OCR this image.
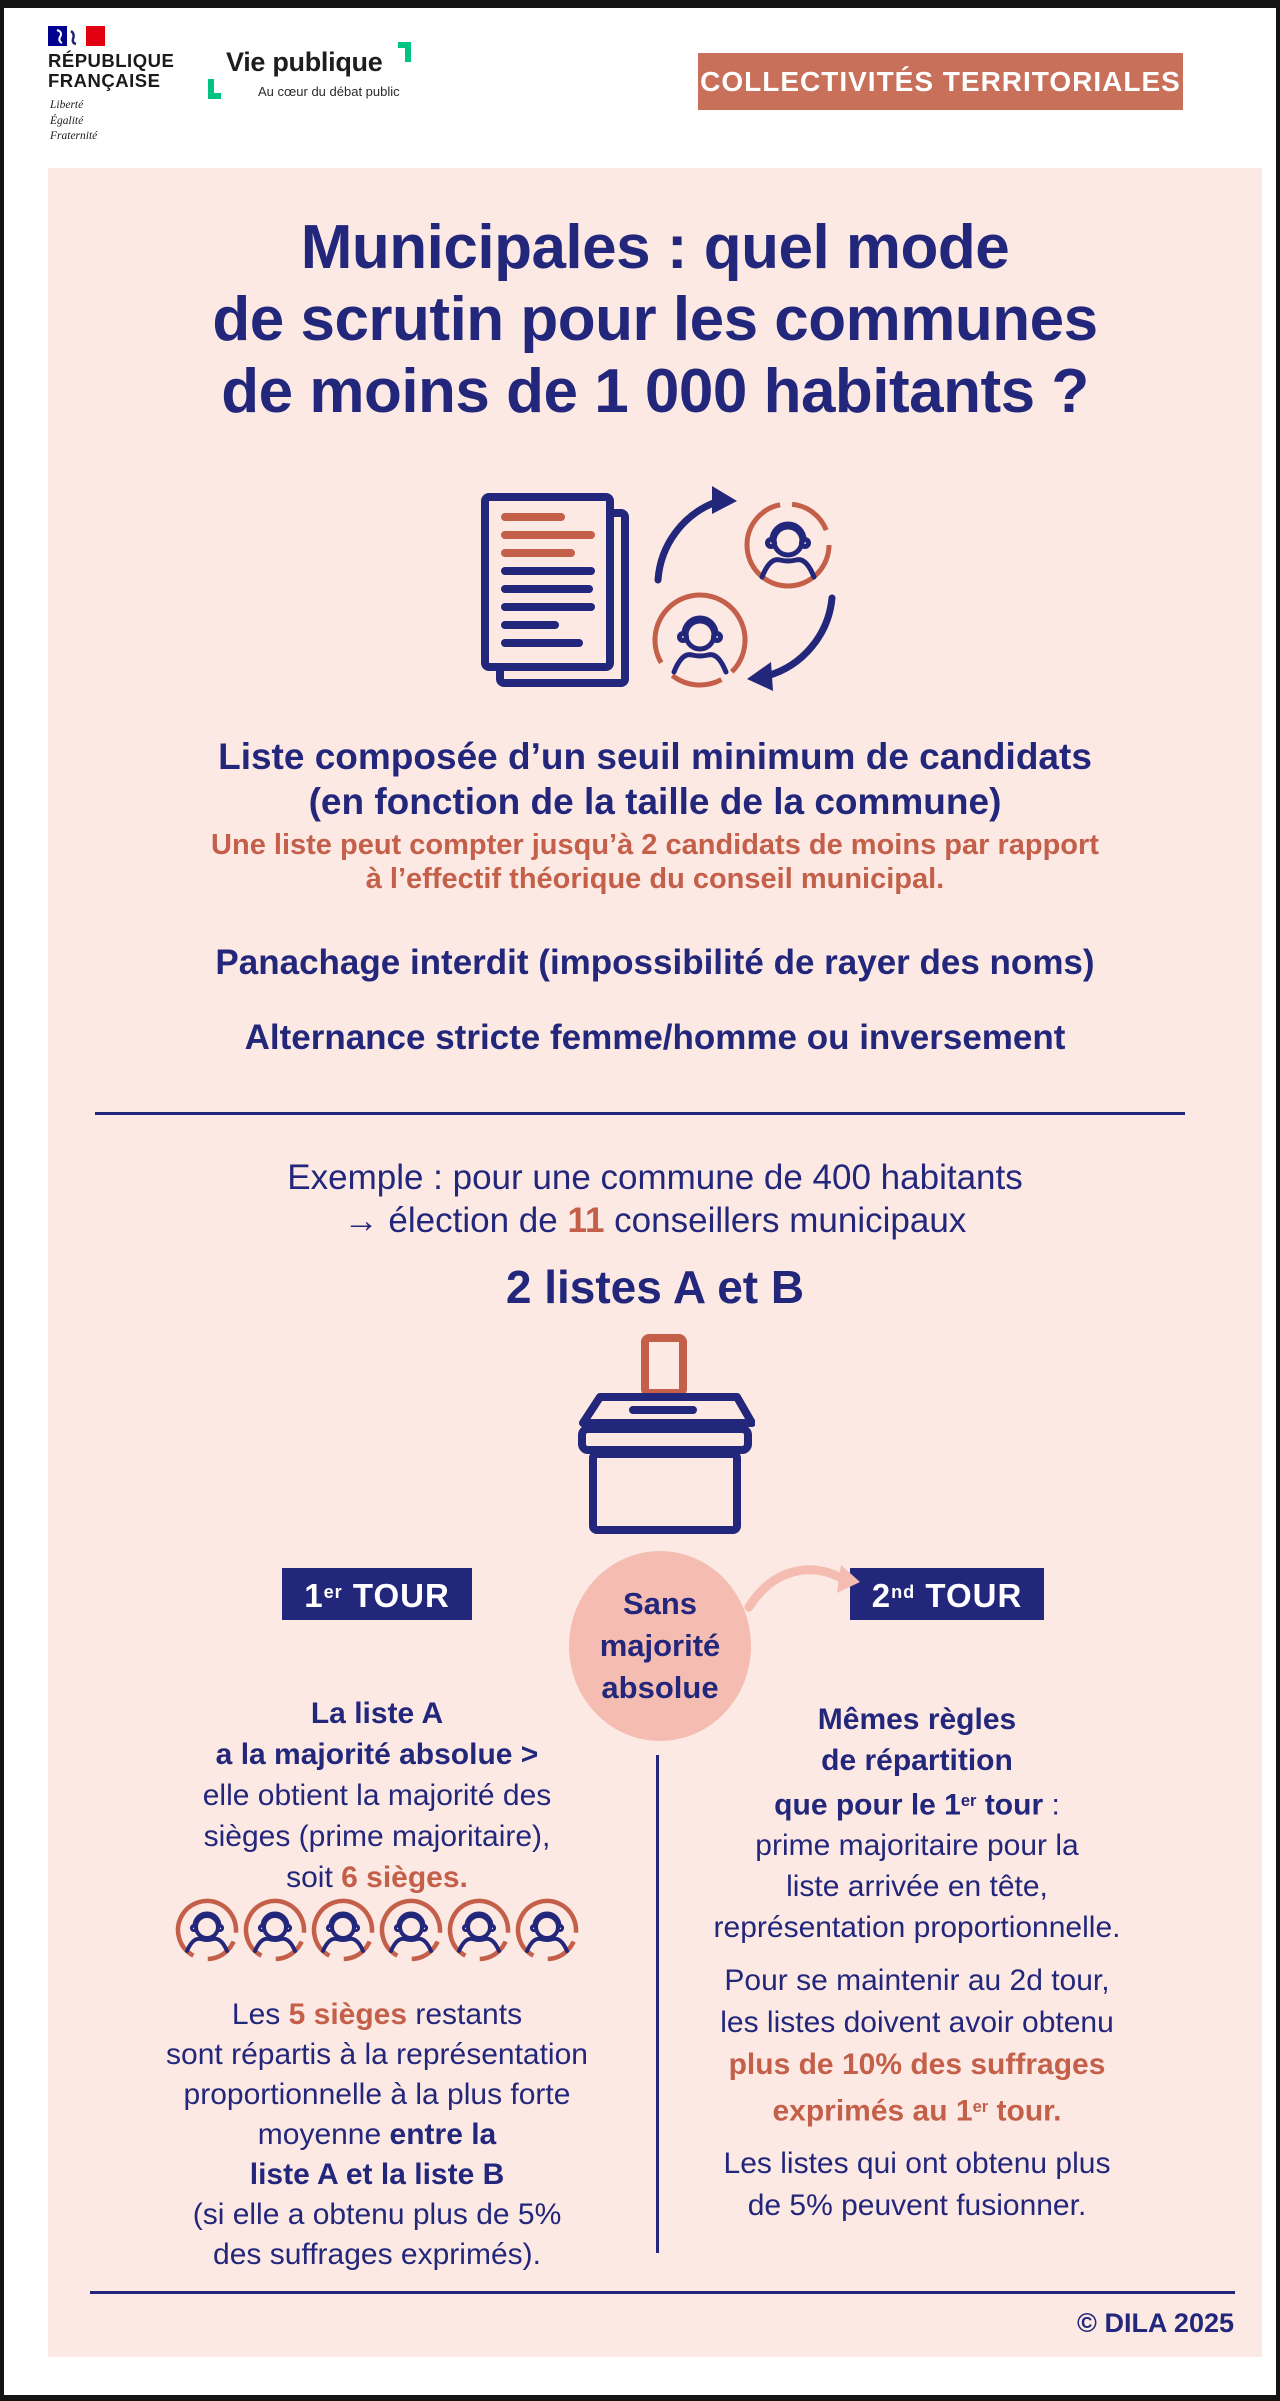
RÉPUBLIQUE
FRANÇAISE
Liberté
Égalité
Fraternité
Vie publique
Au cœur du débat public	COLLECTIVITÉS TERRITORIALES
Municipales : quel mode
de scrutin pour les communes
de moins de 1 000 habitants ?
Liste composée d’un seuil minimum de candidats
(en fonction de la taille de la commune)
Une liste peut compter jusqu’à 2 candidats de moins par rapport
à l’effectif théorique du conseil municipal.
Panachage interdit (impossibilité de rayer des noms)
Alternance stricte femme/homme ou inversement
Exemple : pour une commune de 400 habitants
→ élection de 11 conseillers municipaux
2 listes A et B
Sans
majorité
absolue
1er TOUR
La liste A
a la majorité absolue >
elle obtient la majorité des
sièges (prime majoritaire),
soit 6 sièges.
Les 5 sièges restants
sont répartis à la représentation
proportionnelle à la plus forte
moyenne entre la
liste A et la liste B
(si elle a obtenu plus de 5%
des suffrages exprimés).
2nd TOUR
Mêmes règles
de répartition
que pour le 1er tour :
prime majoritaire pour la
liste arrivée en tête,
représentation proportionnelle.
Pour se maintenir au 2d tour,
les listes doivent avoir obtenu
plus de 10% des suffrages
exprimés au 1er tour.
Les listes qui ont obtenu plus
de 5% peuvent fusionner.
© DILA 2025
